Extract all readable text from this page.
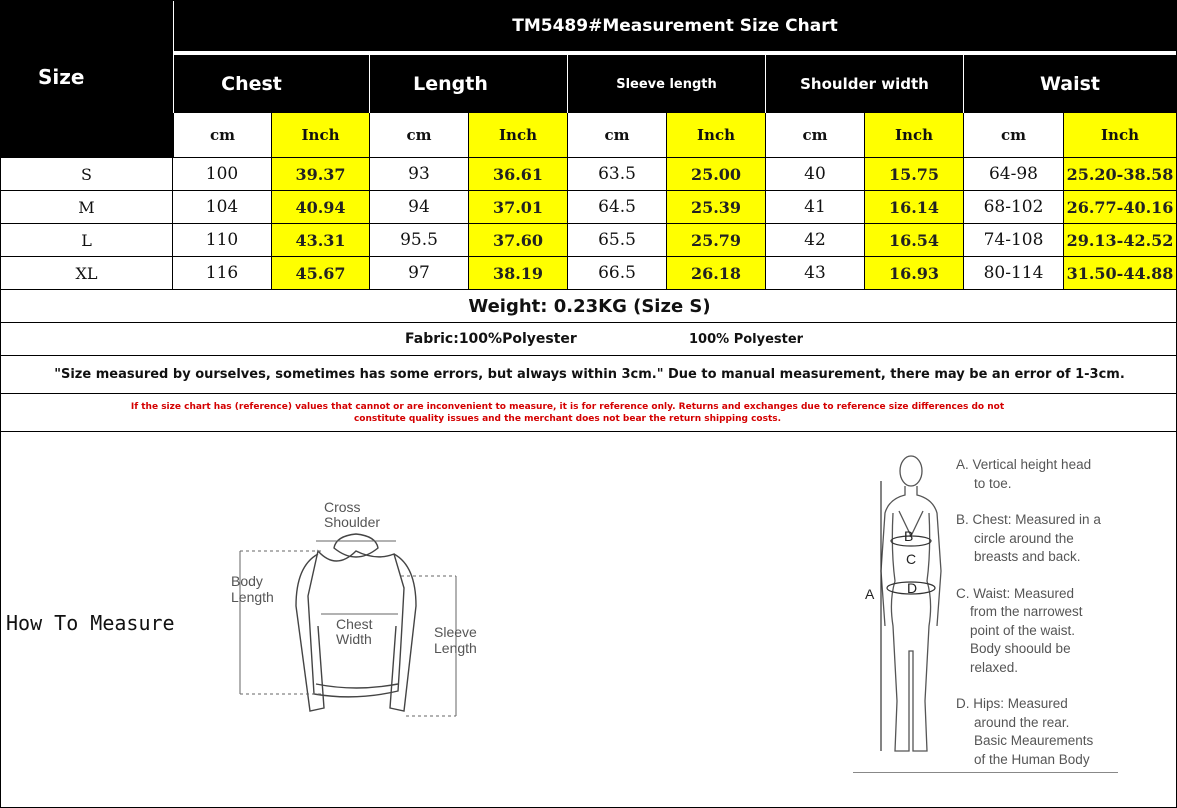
Size
TM5489#Measurement Size Chart
Chest	Length	Sleeve length	Shoulder width	Waist
cm	Inch	cm	Inch	cm	Inch	cm	Inch	cm	Inch
S	100	39.37	93	36.61	63.5	25.00	40	15.75	64-98	25.20-38.58
M	104	40.94	94	37.01	64.5	25.39	41	16.14	68-102	26.77-40.16
L	110	43.31	95.5	37.60	65.5	25.79	42	16.54	74-108	29.13-42.52
XL	116	45.67	97	38.19	66.5	26.18	43	16.93	80-114	31.50-44.88
Weight: 0.23KG (Size S)
Fabric:100%Polyester	100% Polyester
"Size measured by ourselves, sometimes has some errors, but always within 3cm." Due to manual measurement, there may be an error of 1-3cm.
If the size chart has (reference) values that cannot or are inconvenient to measure, it is for reference only. Returns and exchanges due to reference size differences do not
constitute quality issues and the merchant does not bear the return shipping costs.
How To Measure
Cross
Shoulder
Body
Length
Chest
Width	Sleeve
Length
B
C
D
A
A. Vertical height head
to toe.
B. Chest: Measured in a
circle around the
breasts and back.
C. Waist: Measured
from the narrowest
point of the waist.
Body shoould be
relaxed.
D. Hips: Measured
around the rear.
Basic Meaurements
of the Human Body
